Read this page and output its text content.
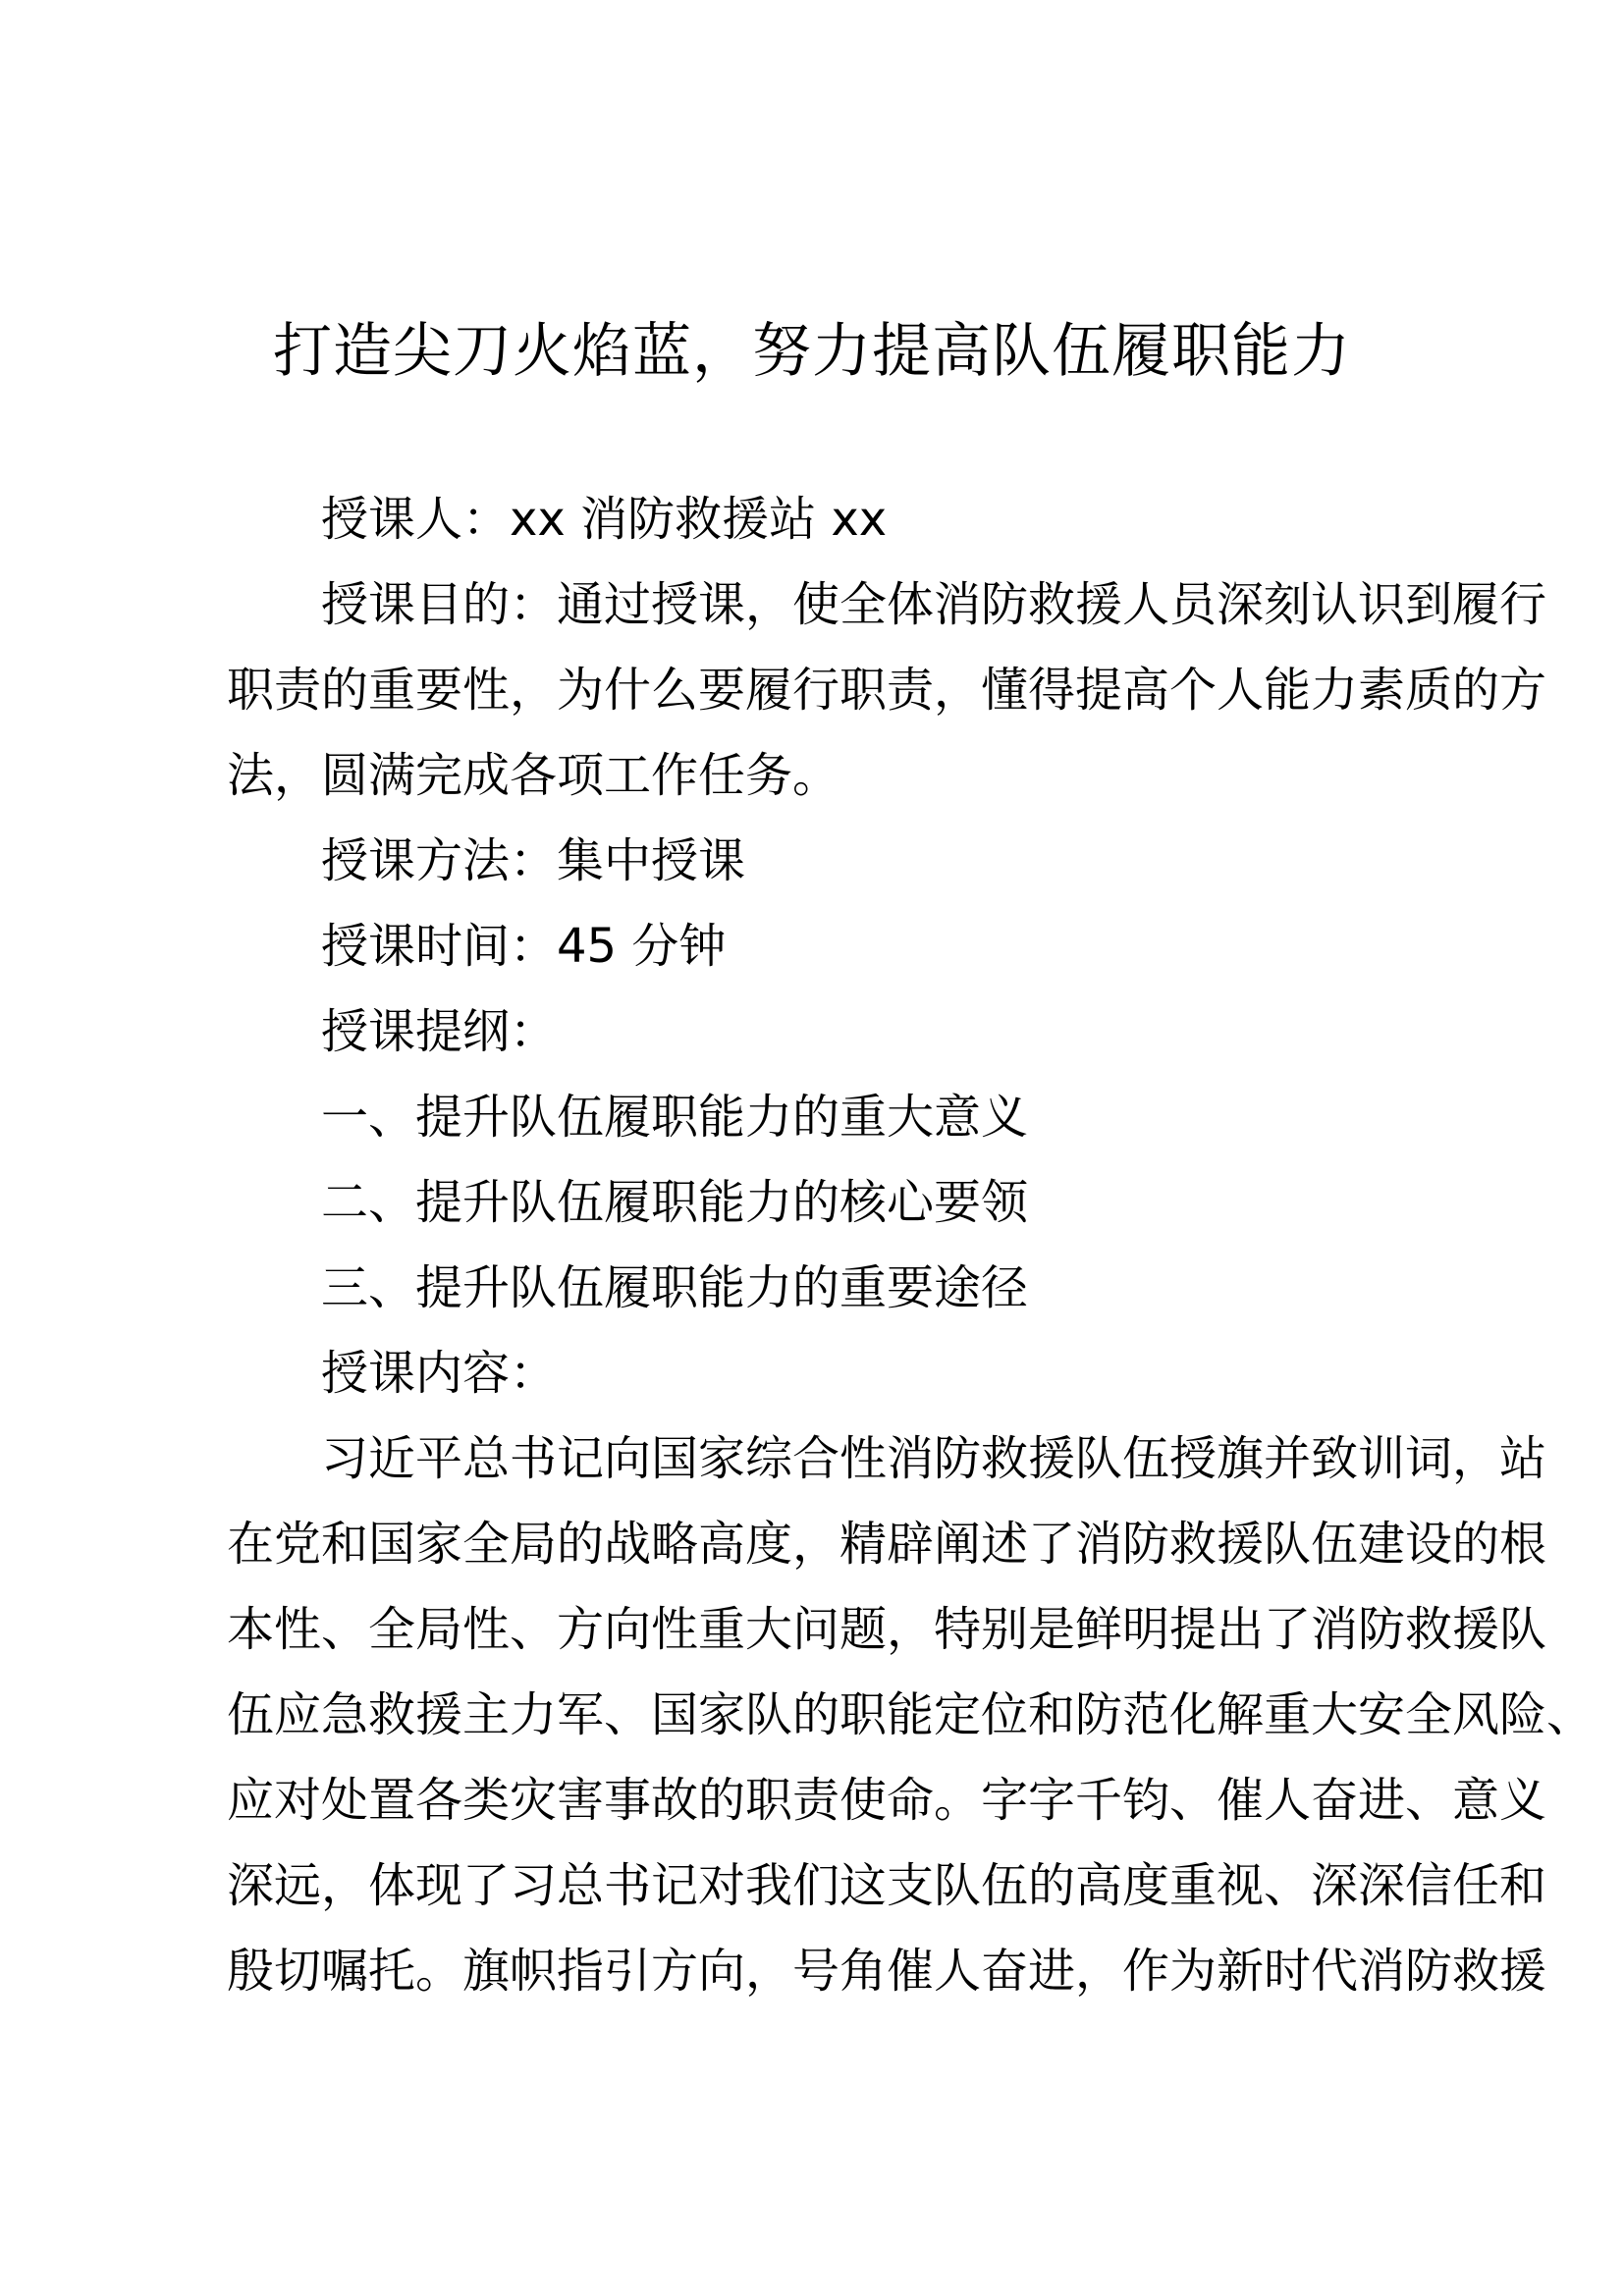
打造尖刀火焰蓝，努力提高队伍履职能力
授课人：xx 消防救援站 xx
授课目的：通过授课，使全体消防救援人员深刻认识到履行
职责的重要性，为什么要履行职责，懂得提高个人能力素质的方
法，圆满完成各项工作任务。
授课方法：集中授课
授课时间：45 分钟
授课提纲：
一、提升队伍履职能力的重大意义
二、提升队伍履职能力的核心要领
三、提升队伍履职能力的重要途径
授课内容：
习近平总书记向国家综合性消防救援队伍授旗并致训词，站
在党和国家全局的战略高度，精辟阐述了消防救援队伍建设的根
本性、全局性、方向性重大问题，特别是鲜明提出了消防救援队
伍应急救援主力军、国家队的职能定位和防范化解重大安全风险、
应对处置各类灾害事故的职责使命。字字千钧、催人奋进、意义
深远，体现了习总书记对我们这支队伍的高度重视、深深信任和
殷切嘱托。旗帜指引方向，号角催人奋进，作为新时代消防救援
